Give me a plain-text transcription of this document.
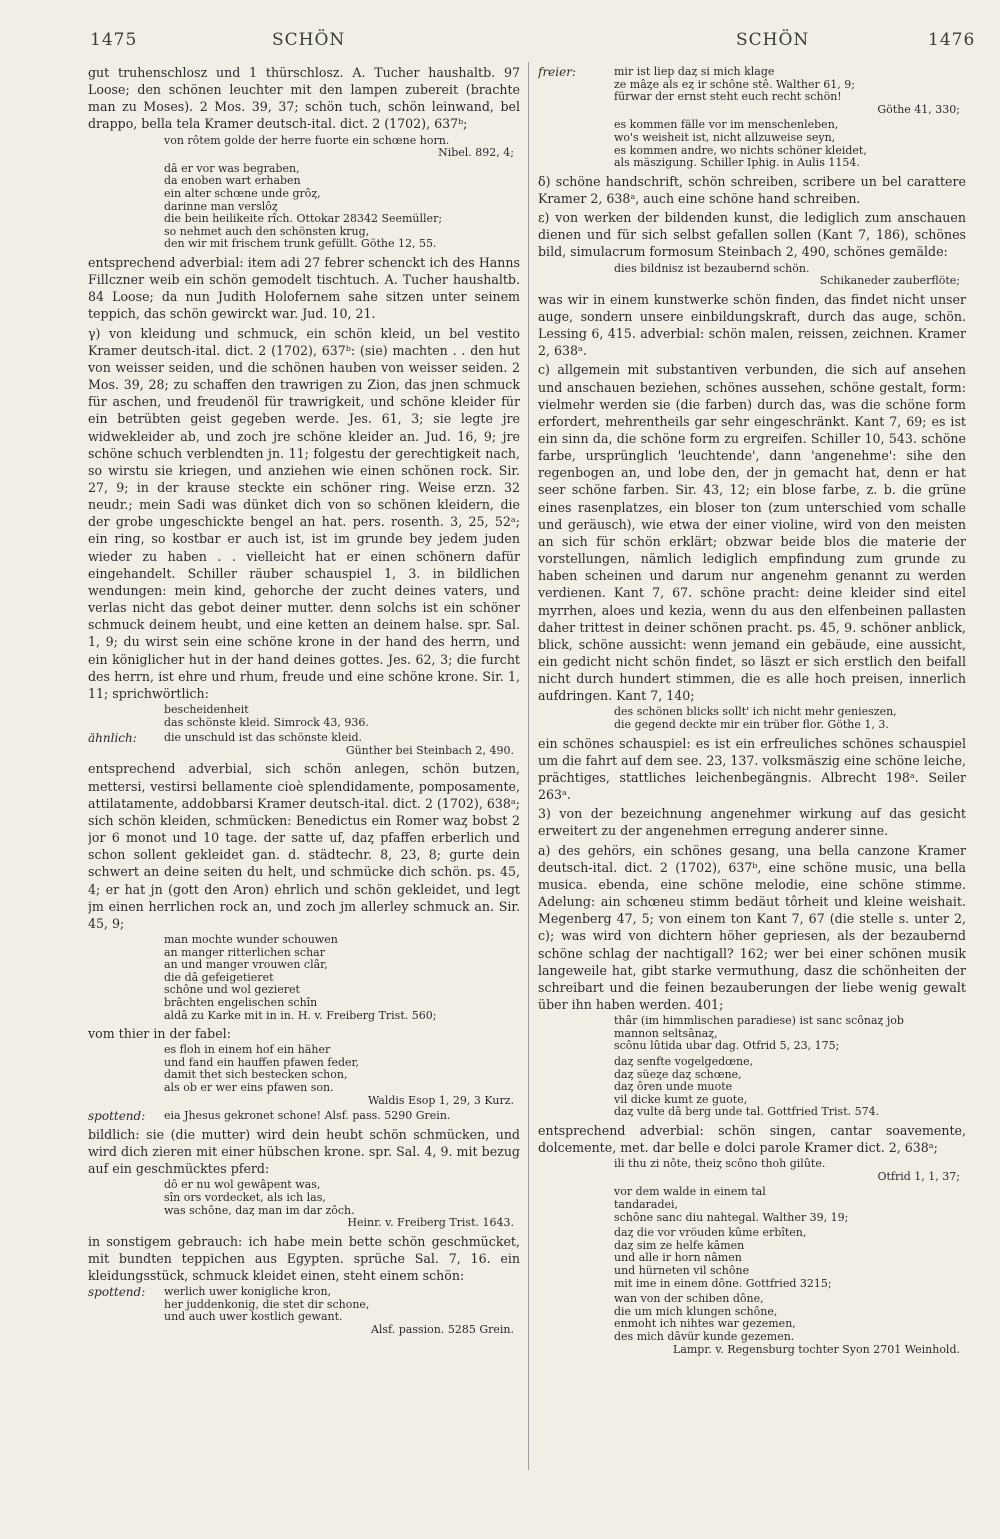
1475	SCHÖN	SCHÖN	1476

gut truhenschlosz und 1 thürschlosz. A. Tucher haushaltb. 97 Loose; den schönen leuchter mit den lampen zubereit (brachte man zu Moses). 2 Mos. 39, 37; schön tuch, schön leinwand, bel drappo, bella tela Kramer deutsch-ital. dict. 2 (1702), 637ᵇ;

von rôtem golde der herre fuorte ein schœne horn.
Nibel. 892, 4;
dâ er vor was begraben,
da enoben wart erhaben
ein alter schœne unde grôȥ,
darinne man verslôȥ
die bein heilikeite rîch. Ottokar 28342 Seemüller;
so nehmet auch den schönsten krug,
den wir mit frischem trunk gefüllt. Göthe 12, 55.

entsprechend adverbial: item adi 27 febrer schenckt ich des Hanns Fillczner weib ein schön gemodelt tischtuch. A. Tucher haushaltb. 84 Loose; da nun Judith Holofernem sahe sitzen unter seinem teppich, das schön gewirckt war. Jud. 10, 21.

γ) von kleidung und schmuck, ein schön kleid, un bel vestito Kramer deutsch-ital. dict. 2 (1702), 637ᵇ: (sie) machten . . den hut von weisser seiden, und die schönen hauben von weisser seiden. 2 Mos. 39, 28; zu schaffen den trawrigen zu Zion, das jnen schmuck für aschen, und freudenöl für trawrigkeit, und schöne kleider für ein betrübten geist gegeben werde. Jes. 61, 3; sie legte jre widwekleider ab, und zoch jre schöne kleider an. Jud. 16, 9; jre schöne schuch verblendten jn. 11; folgestu der gerechtigkeit nach, so wirstu sie kriegen, und anziehen wie einen schönen rock. Sir. 27, 9; in der krause steckte ein schöner ring. Weise erzn. 32 neudr.; mein Sadi was dünket dich von so schönen kleidern, die der grobe ungeschickte bengel an hat. pers. rosenth. 3, 25, 52ᵃ; ein ring, so kostbar er auch ist, ist im grunde bey jedem juden wieder zu haben . . vielleicht hat er einen schönern dafür eingehandelt. Schiller räuber schauspiel 1, 3. in bildlichen wendungen: mein kind, gehorche der zucht deines vaters, und verlas nicht das gebot deiner mutter. denn solchs ist ein schöner schmuck deinem heubt, und eine ketten an deinem halse. spr. Sal. 1, 9; du wirst sein eine schöne krone in der hand des herrn, und ein königlicher hut in der hand deines gottes. Jes. 62, 3; die furcht des herrn, ist ehre und rhum, freude und eine schöne krone. Sir. 1, 11; sprichwörtlich:

bescheidenheit
das schönste kleid. Simrock 43, 936.
ähnlich:	die unschuld ist das schönste kleid.
Günther bei Steinbach 2, 490.

entsprechend adverbial, sich schön anlegen, schön butzen, mettersi, vestirsi bellamente cioè splendidamente, pomposamente, attilatamente, addobbarsi Kramer deutsch-ital. dict. 2 (1702), 638ᵃ; sich schön kleiden, schmücken: Benedictus ein Romer waȥ bobst 2 jor 6 monot und 10 tage. der satte uf, daȥ pfaffen erberlich und schon sollent gekleidet gan. d. städtechr. 8, 23, 8; gurte dein schwert an deine seiten du helt, und schmücke dich schön. ps. 45, 4; er hat jn (gott den Aron) ehrlich und schön gekleidet, und legt jm einen herrlichen rock an, und zoch jm allerley schmuck an. Sir. 45, 9;

man mochte wunder schouwen
an manger ritterlichen schar
an und manger vrouwen clâr,
die dâ gefeigetieret
schône und wol gezieret
brâchten engelischen schîn
aldâ zu Karke mit in in. H. v. Freiberg Trist. 560;

vom thier in der fabel:

es floh in einem hof ein häher
und fand ein hauffen pfawen feder,
damit thet sich bestecken schon,
als ob er wer eins pfawen son.
Waldis Esop 1, 29, 3 Kurz.
spottend:	eia Jhesus gekronet schone! Alsf. pass. 5290 Grein.

bildlich: sie (die mutter) wird dein heubt schön schmücken, und wird dich zieren mit einer hübschen krone. spr. Sal. 4, 9. mit bezug auf ein geschmücktes pferd:

dô er nu wol gewâpent was,
sîn ors vordecket, als ich las,
was schône, daȥ man im dar zôch.
Heinr. v. Freiberg Trist. 1643.

in sonstigem gebrauch: ich habe mein bette schön geschmücket, mit bundten teppichen aus Egypten. sprüche Sal. 7, 16. ein kleidungsstück, schmuck kleidet einen, steht einem schön:

spottend:	werlich uwer konigliche kron,
her juddenkonig, die stet dir schone,
und auch uwer kostlich gewant.
Alsf. passion. 5285 Grein.
freier:	mir ist liep daȥ si mich klage
ze mâȥe als eȥ ir schône stê. Walther 61, 9;
fürwar der ernst steht euch recht schön!
Göthe 41, 330;
es kommen fälle vor im menschenleben,
wo's weisheit ist, nicht allzuweise seyn,
es kommen andre, wo nichts schöner kleidet,
als mäszigung. Schiller Iphig. in Aulis 1154.

δ) schöne handschrift, schön schreiben, scribere un bel carattere Kramer 2, 638ᵃ, auch eine schöne hand schreiben.

ε) von werken der bildenden kunst, die lediglich zum anschauen dienen und für sich selbst gefallen sollen (Kant 7, 186), schönes bild, simulacrum formosum Steinbach 2, 490, schönes gemälde:

dies bildnisz ist bezaubernd schön.
Schikaneder zauberflöte;

was wir in einem kunstwerke schön finden, das findet nicht unser auge, sondern unsere einbildungskraft, durch das auge, schön. Lessing 6, 415. adverbial: schön malen, reissen, zeichnen. Kramer 2, 638ᵃ.

c) allgemein mit substantiven verbunden, die sich auf ansehen und anschauen beziehen, schönes aussehen, schöne gestalt, form: vielmehr werden sie (die farben) durch das, was die schöne form erfordert, mehrentheils gar sehr eingeschränkt. Kant 7, 69; es ist ein sinn da, die schöne form zu ergreifen. Schiller 10, 543. schöne farbe, ursprünglich 'leuchtende', dann 'angenehme': sihe den regenbogen an, und lobe den, der jn gemacht hat, denn er hat seer schöne farben. Sir. 43, 12; ein blose farbe, z. b. die grüne eines rasenplatzes, ein bloser ton (zum unterschied vom schalle und geräusch), wie etwa der einer violine, wird von den meisten an sich für schön erklärt; obzwar beide blos die materie der vorstellungen, nämlich lediglich empfindung zum grunde zu haben scheinen und darum nur angenehm genannt zu werden verdienen. Kant 7, 67. schöne pracht: deine kleider sind eitel myrrhen, aloes und kezia, wenn du aus den elfenbeinen pallasten daher trittest in deiner schönen pracht. ps. 45, 9. schöner anblick, blick, schöne aussicht: wenn jemand ein gebäude, eine aussicht, ein gedicht nicht schön findet, so läszt er sich erstlich den beifall nicht durch hundert stimmen, die es alle hoch preisen, innerlich aufdringen. Kant 7, 140;

des schönen blicks sollt' ich nicht mehr genieszen,
die gegend deckte mir ein trüber flor. Göthe 1, 3.

ein schönes schauspiel: es ist ein erfreuliches schönes schauspiel um die fahrt auf dem see. 23, 137. volksmäszig eine schöne leiche, prächtiges, stattliches leichenbegängnis. Albrecht 198ᵃ. Seiler 263ᵃ.

3) von der bezeichnung angenehmer wirkung auf das gesicht erweitert zu der angenehmen erregung anderer sinne.

a) des gehörs, ein schönes gesang, una bella canzone Kramer deutsch-ital. dict. 2 (1702), 637ᵇ, eine schöne music, una bella musica. ebenda, eine schöne melodie, eine schöne stimme. Adelung: ain schœneu stimm bedäut tôrheit und kleine weishait. Megenberg 47, 5; von einem ton Kant 7, 67 (die stelle s. unter 2, c); was wird von dichtern höher gepriesen, als der bezaubernd schöne schlag der nachtigall? 162; wer bei einer schönen musik langeweile hat, gibt starke vermuthung, dasz die schönheiten der schreibart und die feinen bezauberungen der liebe wenig gewalt über ihn haben werden. 401;

thâr (im himmlischen paradiese) ist sanc scônaȥ job
mannon seltsânaȥ,
scônu lûtida ubar dag. Otfrid 5, 23, 175;
daȥ senfte vogelgedœne,
daȥ süeȥe daȥ schœne,
daȥ ôren unde muote
vil dicke kumt ze guote,
daȥ vulte dâ berg unde tal. Gottfried Trist. 574.

entsprechend adverbial: schön singen, cantar soavemente, dolcemente, met. dar belle e dolci parole Kramer dict. 2, 638ᵃ;

ili thu zi nôte, theiȥ scôno thoh gilûte.
Otfrid 1, 1, 37;
vor dem walde in einem tal
tandaradei,
schône sanc diu nahtegal. Walther 39, 19;
daȥ die vor vröuden kûme erbîten,
daȥ sim ze helfe kâmen
und alle ir horn nâmen
und hürneten vil schône
mit ime in einem dône. Gottfried 3215;
wan von der schiben dône,
die um mich klungen schône,
enmoht ich nihtes war gezemen,
des mich dâvür kunde gezemen.
Lampr. v. Regensburg tochter Syon 2701 Weinhold.
